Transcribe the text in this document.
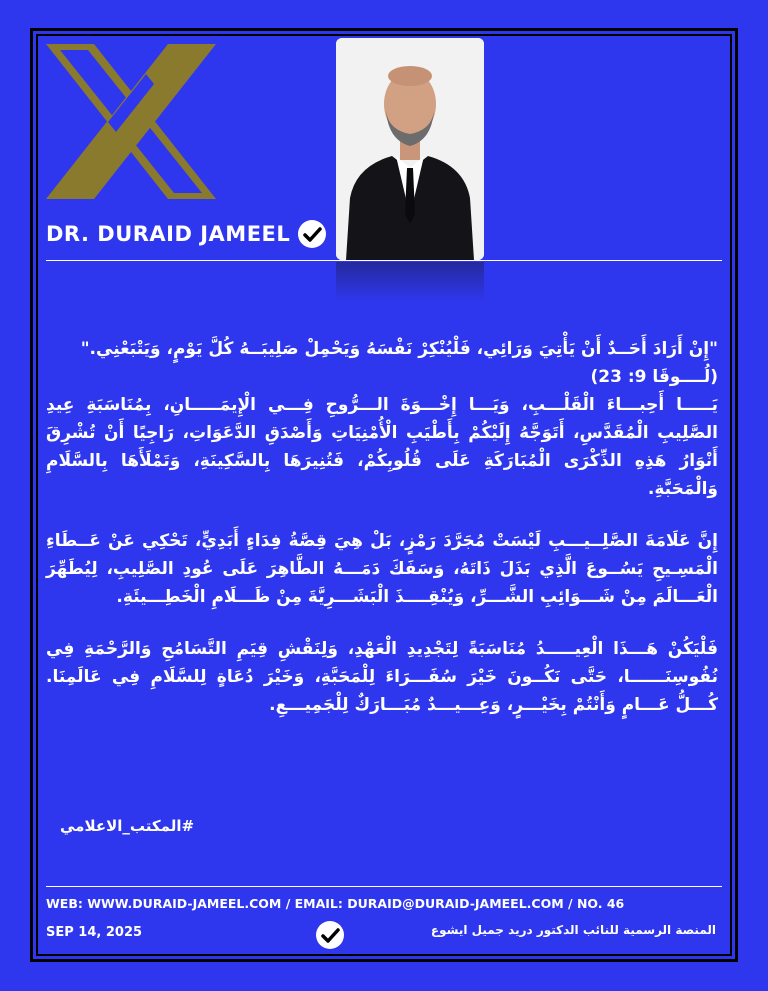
DR. DURAID JAMEEL

"إِنْ أَرَادَ أَحَــدٌ أَنْ يَأْتِيَ وَرَائِي، فَلْيُنْكِرْ نَفْسَهُ وَيَحْمِلْ صَلِيبَــهُ كُلَّ يَوْمٍ، وَيَتْبَعْنِي."

(لُــــوقَا 9: 23)

يَـــــا أَحِبـــاءَ الْقَلْـــبِ، وَيَـــا إِخْـــوَةَ الـــرُّوحِ فِـــي الْإِيمَـــــانِ، بِمُنَاسَبَةِ عِيدِ الصَّلِيبِ الْمُقَدَّسِ، أَتَوَجَّهُ إِلَيْكُمْ بِأَطْيَبِ الْأُمْنِيَاتِ وَأَصْدَقِ الدَّعَوَاتِ، رَاجِيًا أَنْ تُشْرِقَ أَنْوَارُ هَذِهِ الذِّكْرَى الْمُبَارَكَةِ عَلَى قُلُوبِكُمْ، فَتُنِيرَهَا بِالسَّكِينَةِ، وَتَمْلَأَهَا بِالسَّلَامِ وَالْمَحَبَّةِ.

إِنَّ عَلَامَةَ الصَّلِــيـــبِ لَيْسَتْ مُجَرَّدَ رَمْزٍ، بَلْ هِيَ قِصَّةُ فِدَاءٍ أَبَدِيٍّ، تَحْكِي عَنْ عَــطَاءِ الْمَسِـيحِ يَسُــوعَ الَّذِي بَذَلَ ذَاتَهُ، وَسَفَكَ دَمَـــهُ الطَّاهِرَ عَلَى عُودِ الصَّلِيبِ، لِيُطَهِّرَ الْعَـــالَمَ مِنْ شَـــوَائِبِ الشَّـــرِّ، وَيُنْقِــــذَ الْبَشَـــرِيَّةَ مِنْ ظَـــلَامِ الْخَطِـــيئَةِ.

فَلْيَكُنْ هَـــذَا الْعِيـــــدُ مُنَاسَبَةً لِتَجْدِيدِ الْعَهْدِ، وَلِنَقْشِ قِيَمِ التَّسَامُحِ وَالرَّحْمَةِ فِي نُفُوسِنَــــــا، حَتَّى نَكُــونَ خَيْرَ سُفَـــرَاءَ لِلْمَحَبَّةِ، وَخَيْرَ دُعَاةٍ لِلسَّلَامِ فِي عَالَمِنَا. كُـــلُّ عَـــامٍ وَأَنْتُمْ بِخَيْـــرٍ، وَعِـــيـــدٌ مُبَـــارَكٌ لِلْجَمِيـــعِ.

#المكتب_الاعلامي
WEB: WWW.DURAID-JAMEEL.COM / EMAIL: DURAID@DURAID-JAMEEL.COM / NO. 46
SEP 14, 2025	المنصة الرسمية للنائب الدكتور دريد جميل ايشوع
